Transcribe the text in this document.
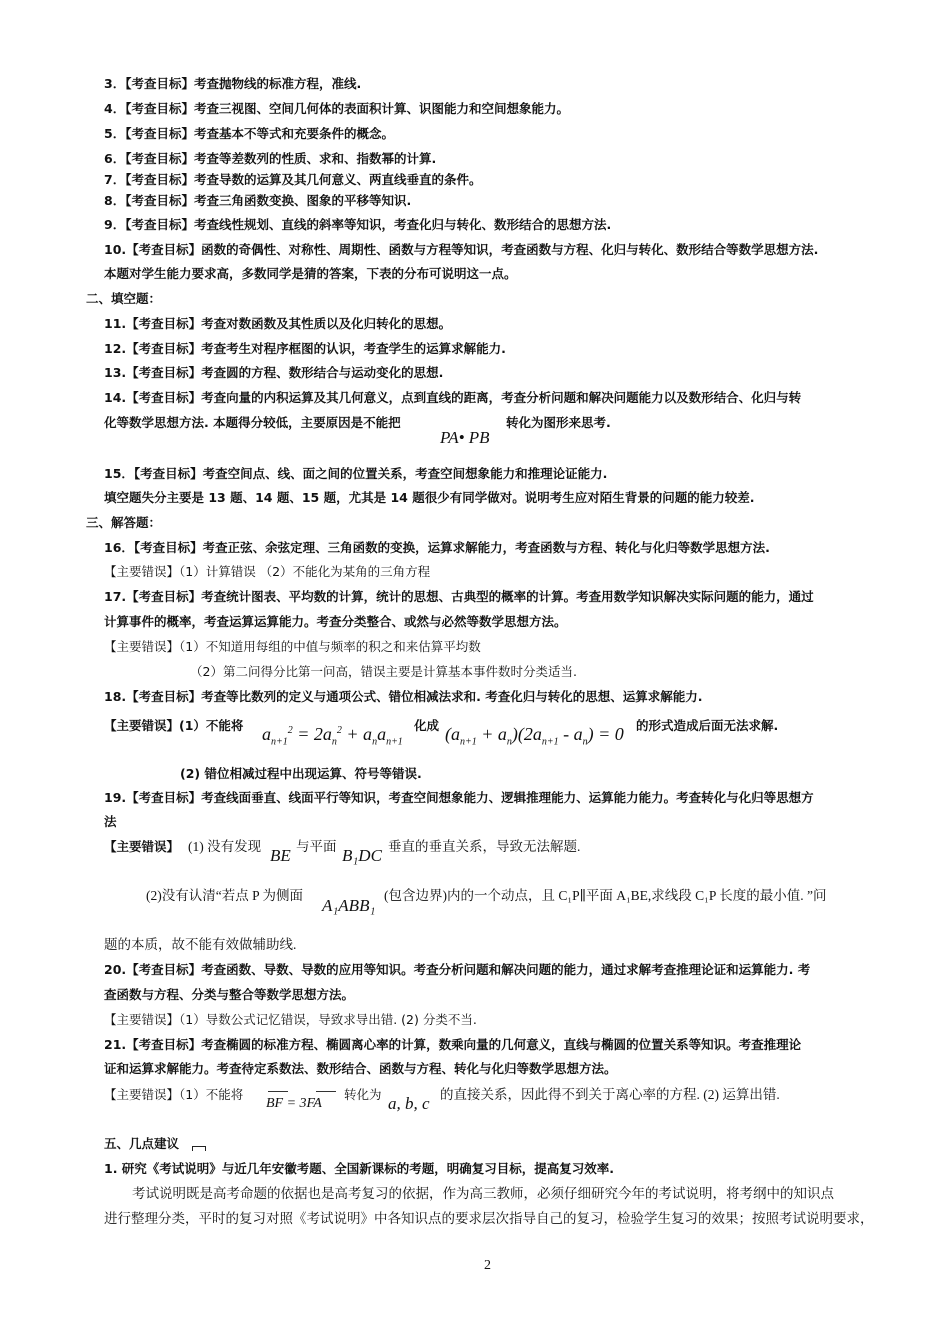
3．【考查目标】考查抛物线的标准方程，准线.
4．【考查目标】考查三视图、空间几何体的表面积计算、识图能力和空间想象能力。
5．【考查目标】考查基本不等式和充要条件的概念。
6．【考查目标】考查等差数列的性质、求和、指数幂的计算.
7．【考查目标】考查导数的运算及其几何意义、两直线垂直的条件。
8．【考查目标】考查三角函数变换、图象的平移等知识.
9．【考查目标】考查线性规划、直线的斜率等知识，考查化归与转化、数形结合的思想方法.
10.【考查目标】函数的奇偶性、对称性、周期性、函数与方程等知识，考查函数与方程、化归与转化、数形结合等数学思想方法.
本题对学生能力要求高，多数同学是猜的答案，下表的分布可说明这一点。
二、填空题：
11.【考查目标】考查对数函数及其性质以及化归转化的思想。
12.【考查目标】考查考生对程序框图的认识，考查学生的运算求解能力.
13.【考查目标】考查圆的方程、数形结合与运动变化的思想.
14.【考查目标】考查向量的内积运算及其几何意义，点到直线的距离，考查分析问题和解决问题能力以及数形结合、化归与转
化等数学思想方法. 本题得分较低，主要原因是不能把
PA• PB
转化为图形来思考.
15．【考查目标】考查空间点、线、面之间的位置关系，考查空间想象能力和推理论证能力.
填空题失分主要是 13 题、14 题、15 题，尤其是 14 题很少有同学做对。说明考生应对陌生背景的问题的能力较差.
三、解答题：
16．【考查目标】考查正弦、余弦定理、三角函数的变换，运算求解能力，考查函数与方程、转化与化归等数学思想方法.
【主要错误】（1）计算错误 （2）不能化为某角的三角方程
17.【考查目标】考查统计图表、平均数的计算，统计的思想、古典型的概率的计算。考查用数学知识解决实际问题的能力，通过
计算事件的概率，考查运算运算能力。考查分类整合、或然与必然等数学思想方法。
【主要错误】（1）不知道用每组的中值与频率的积之和来估算平均数
（2）第二问得分比第一问高，错误主要是计算基本事件数时分类适当.
18.【考查目标】考查等比数列的定义与通项公式、错位相减法求和. 考查化归与转化的思想、运算求解能力.
【主要错误】(1）不能将 $a_{n+1}^2 = 2a_n^2 + a_na_{n+1}$
化成 $(a_{n+1} + a_n)(2a_{n+1} - a_n) = 0$ 的形式造成后面无法求解.
(2) 错位相减过程中出现运算、符号等错误.
19.【考查目标】考查线面垂直、线面平行等知识，考查空间想象能力、逻辑推理能力、运算能力能力。考查转化与化归等思想方
法
【主要错误】 (1) 没有发现 BE 与平面 B₁DC 垂直的垂直关系，导致无法解题.
(2)没有认清“若点 P 为侧面
A₁ABB₁
(包含边界)内的一个动点，且 C₁P∥平面 A₁BE,求线段 C₁P 长度的最小值. ”问
题的本质，故不能有效做辅助线.
20.【考查目标】考查函数、导数、导数的应用等知识。考查分析问题和解决问题的能力，通过求解考查推理论证和运算能力. 考
查函数与方程、分类与整合等数学思想方法。
【主要错误】（1）导数公式记忆错误，导致求导出错. (2) 分类不当.
21.【考查目标】考查椭圆的标准方程、椭圆离心率的计算，数乘向量的几何意义，直线与椭圆的位置关系等知识。考查推理论
证和运算求解能力。考查待定系数法、数形结合、函数与方程、转化与化归等数学思想方法。
【主要错误】（1）不能将
BF = 3FA
转化为 a, b, c 的直接关系，因此得不到关于离心率的方程. (2) 运算出错.
五、几点建议
1. 研究《考试说明》与近几年安徽考题、全国新课标的考题，明确复习目标，提高复习效率.
考试说明既是高考命题的依据也是高考复习的依据，作为高三教师，必须仔细研究今年的考试说明，将考纲中的知识点
进行整理分类，平时的复习对照《考试说明》中各知识点的要求层次指导自己的复习，检验学生复习的效果；按照考试说明要求，
2
